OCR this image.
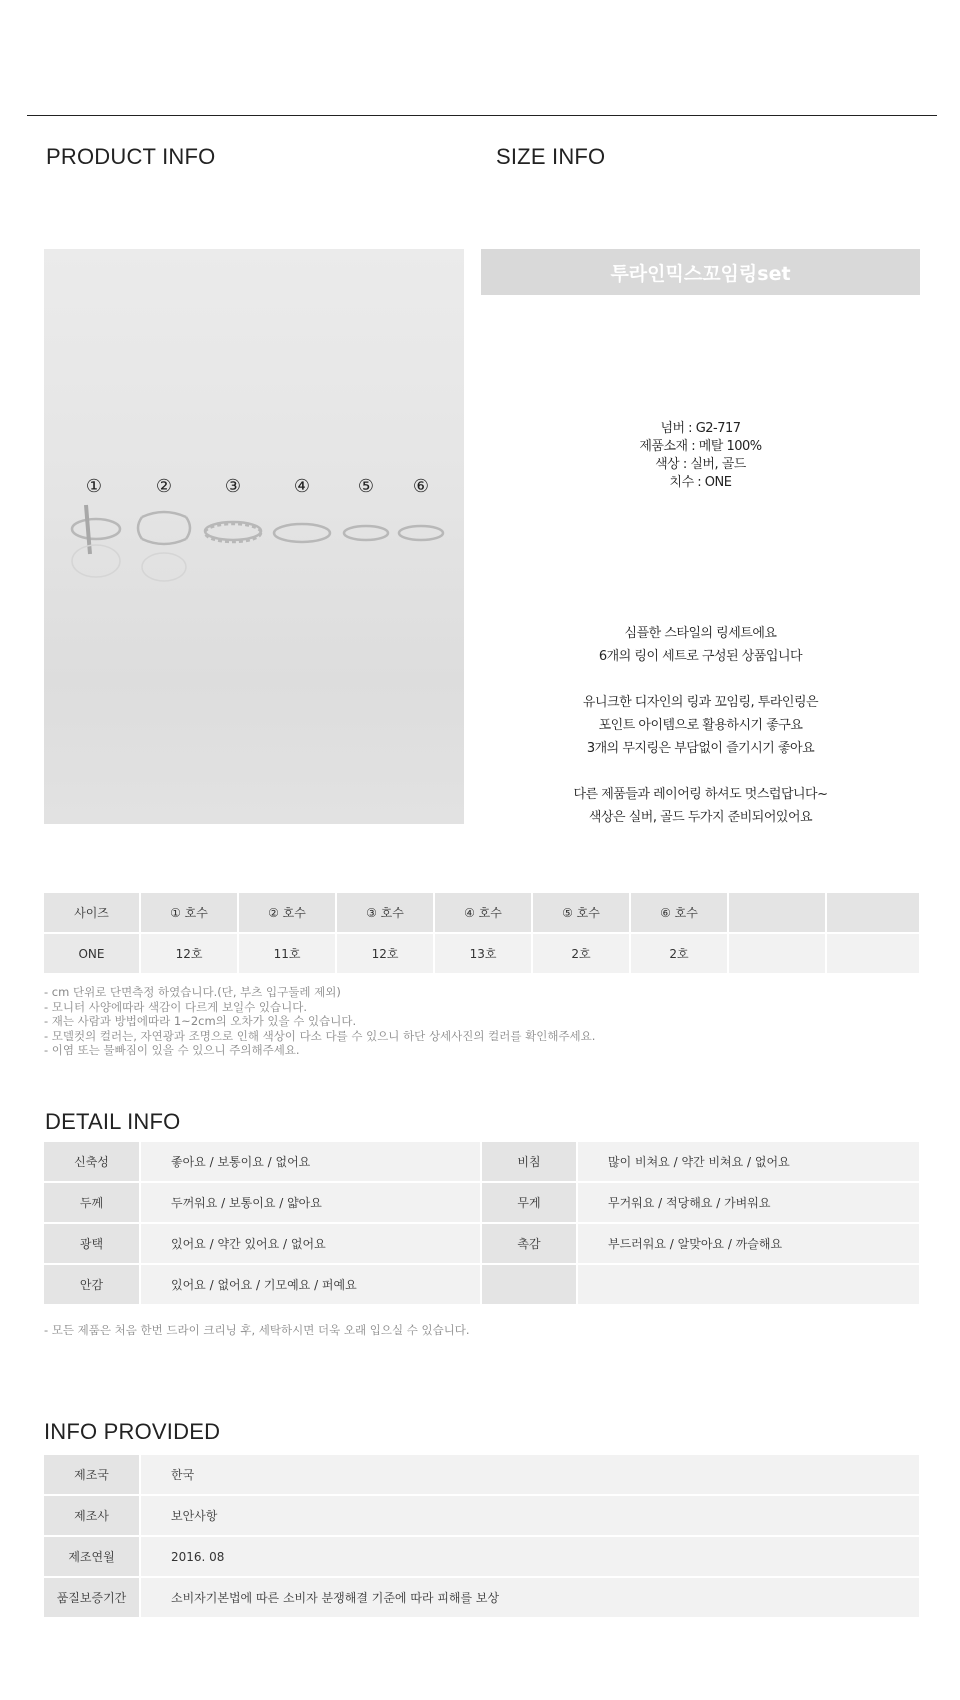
PRODUCT INFO	SIZE INFO
①	②	③	④	⑤ ⑥
투라인믹스꼬임링set
넘버 : G2-717
제품소재 : 메탈 100%
색상 : 실버, 골드
치수 : ONE

심플한 스타일의 링세트에요

6개의 링이 세트로 구성된 상품입니다

유니크한 디자인의 링과 꼬임링, 투라인링은

포인트 아이템으로 활용하시기 좋구요

3개의 무지링은 부담없이 즐기시기 좋아요

다른 제품들과 레이어링 하셔도 멋스럽답니다~

색상은 실버, 골드 두가지 준비되어있어요

사이즈	① 호수	② 호수	③ 호수	④ 호수	⑤ 호수	⑥ 호수		
ONE	12호	11호	12호	13호	2호	2호		
- cm 단위로 단면측정 하였습니다.(단, 부츠 입구둘레 제외)
- 모니터 사양에따라 색감이 다르게 보일수 있습니다.
- 재는 사람과 방법에따라 1~2cm의 오차가 있을 수 있습니다.
- 모델컷의 컬러는, 자연광과 조명으로 인해 색상이 다소 다를 수 있으니 하단 상세사진의 컬러를 확인해주세요.
- 이염 또는 물빠짐이 있을 수 있으니 주의해주세요.
DETAIL INFO
신축성	좋아요 / 보통이요 / 없어요	비침	많이 비쳐요 / 약간 비쳐요 / 없어요
두께	두꺼워요 / 보통이요 / 얇아요	무게	무거워요 / 적당해요 / 가벼워요
광택	있어요 / 약간 있어요 / 없어요	촉감	부드러워요 / 알맞아요 / 까슬해요
안감	있어요 / 없어요 / 기모예요 / 퍼예요		
- 모든 제품은 처음 한번 드라이 크리닝 후, 세탁하시면 더욱 오래 입으실 수 있습니다.
INFO PROVIDED
제조국	한국
제조사	보안사항
제조연월	2016. 08
품질보증기간	소비자기본법에 따른 소비자 분쟁해결 기준에 따라 피해를 보상
